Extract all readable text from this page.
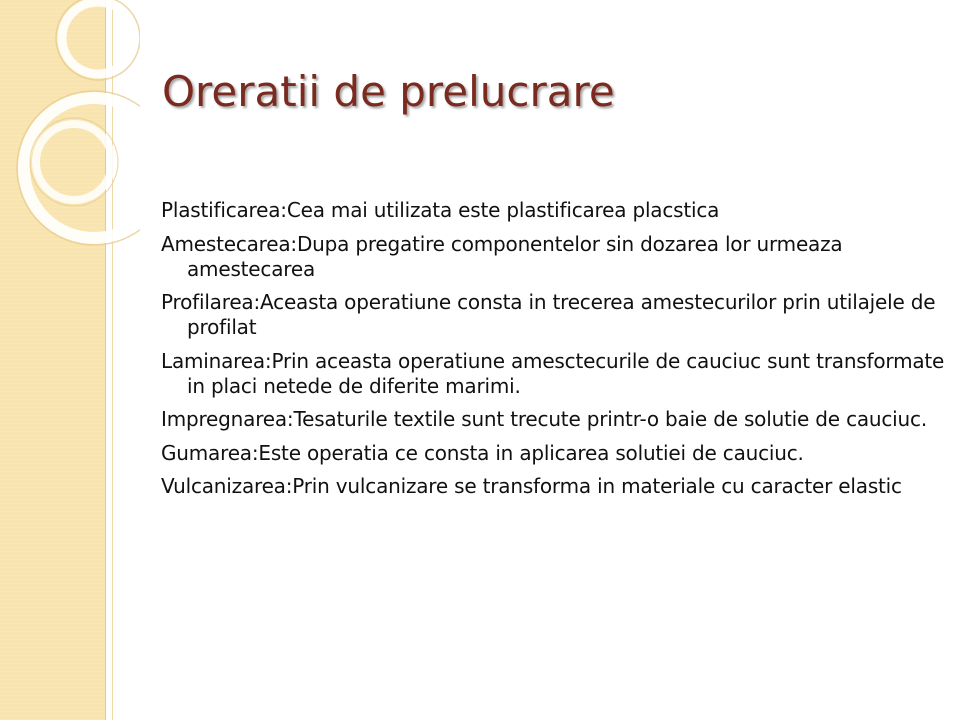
Oreratii de prelucrare
Plastificarea:Cea mai utilizata este plastificarea placstica
Amestecarea:Dupa pregatire componentelor sin dozarea lor urmeaza amestecarea
Profilarea:Aceasta operatiune consta in trecerea amestecurilor prin utilajele de profilat
Laminarea:Prin aceasta operatiune amesctecurile de cauciuc sunt transformate in placi netede de diferite marimi.
Impregnarea:Tesaturile textile sunt trecute printr-o baie de solutie de cauciuc.
Gumarea:Este operatia ce consta in aplicarea solutiei de cauciuc.
Vulcanizarea:Prin vulcanizare se transforma in materiale cu caracter elastic
